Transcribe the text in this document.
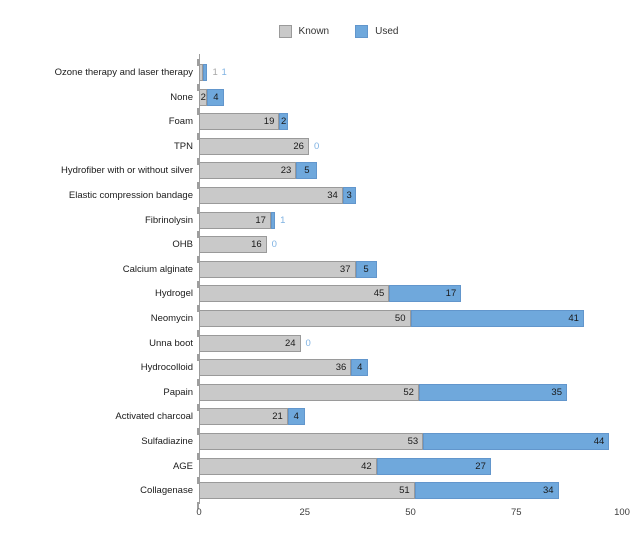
Known	Used
Ozone therapy and laser therapy 1 1
None 2 4
Foam	19 2
TPN	26 0
Hydrofiber with or without silver	23	5
Elastic compression bandage	34 3
Fibrinolysin	17 1
OHB	16 0
Calcium alginate	37	5
Hydrogel	45	17
Neomycin	50	41
Unna boot	24 0
Hydrocolloid	36	4
Papain	52	35
Activated charcoal	21	4
Sulfadiazine	53	44
AGE	42	27
Collagenase	51	34
0	25	50	75	100
